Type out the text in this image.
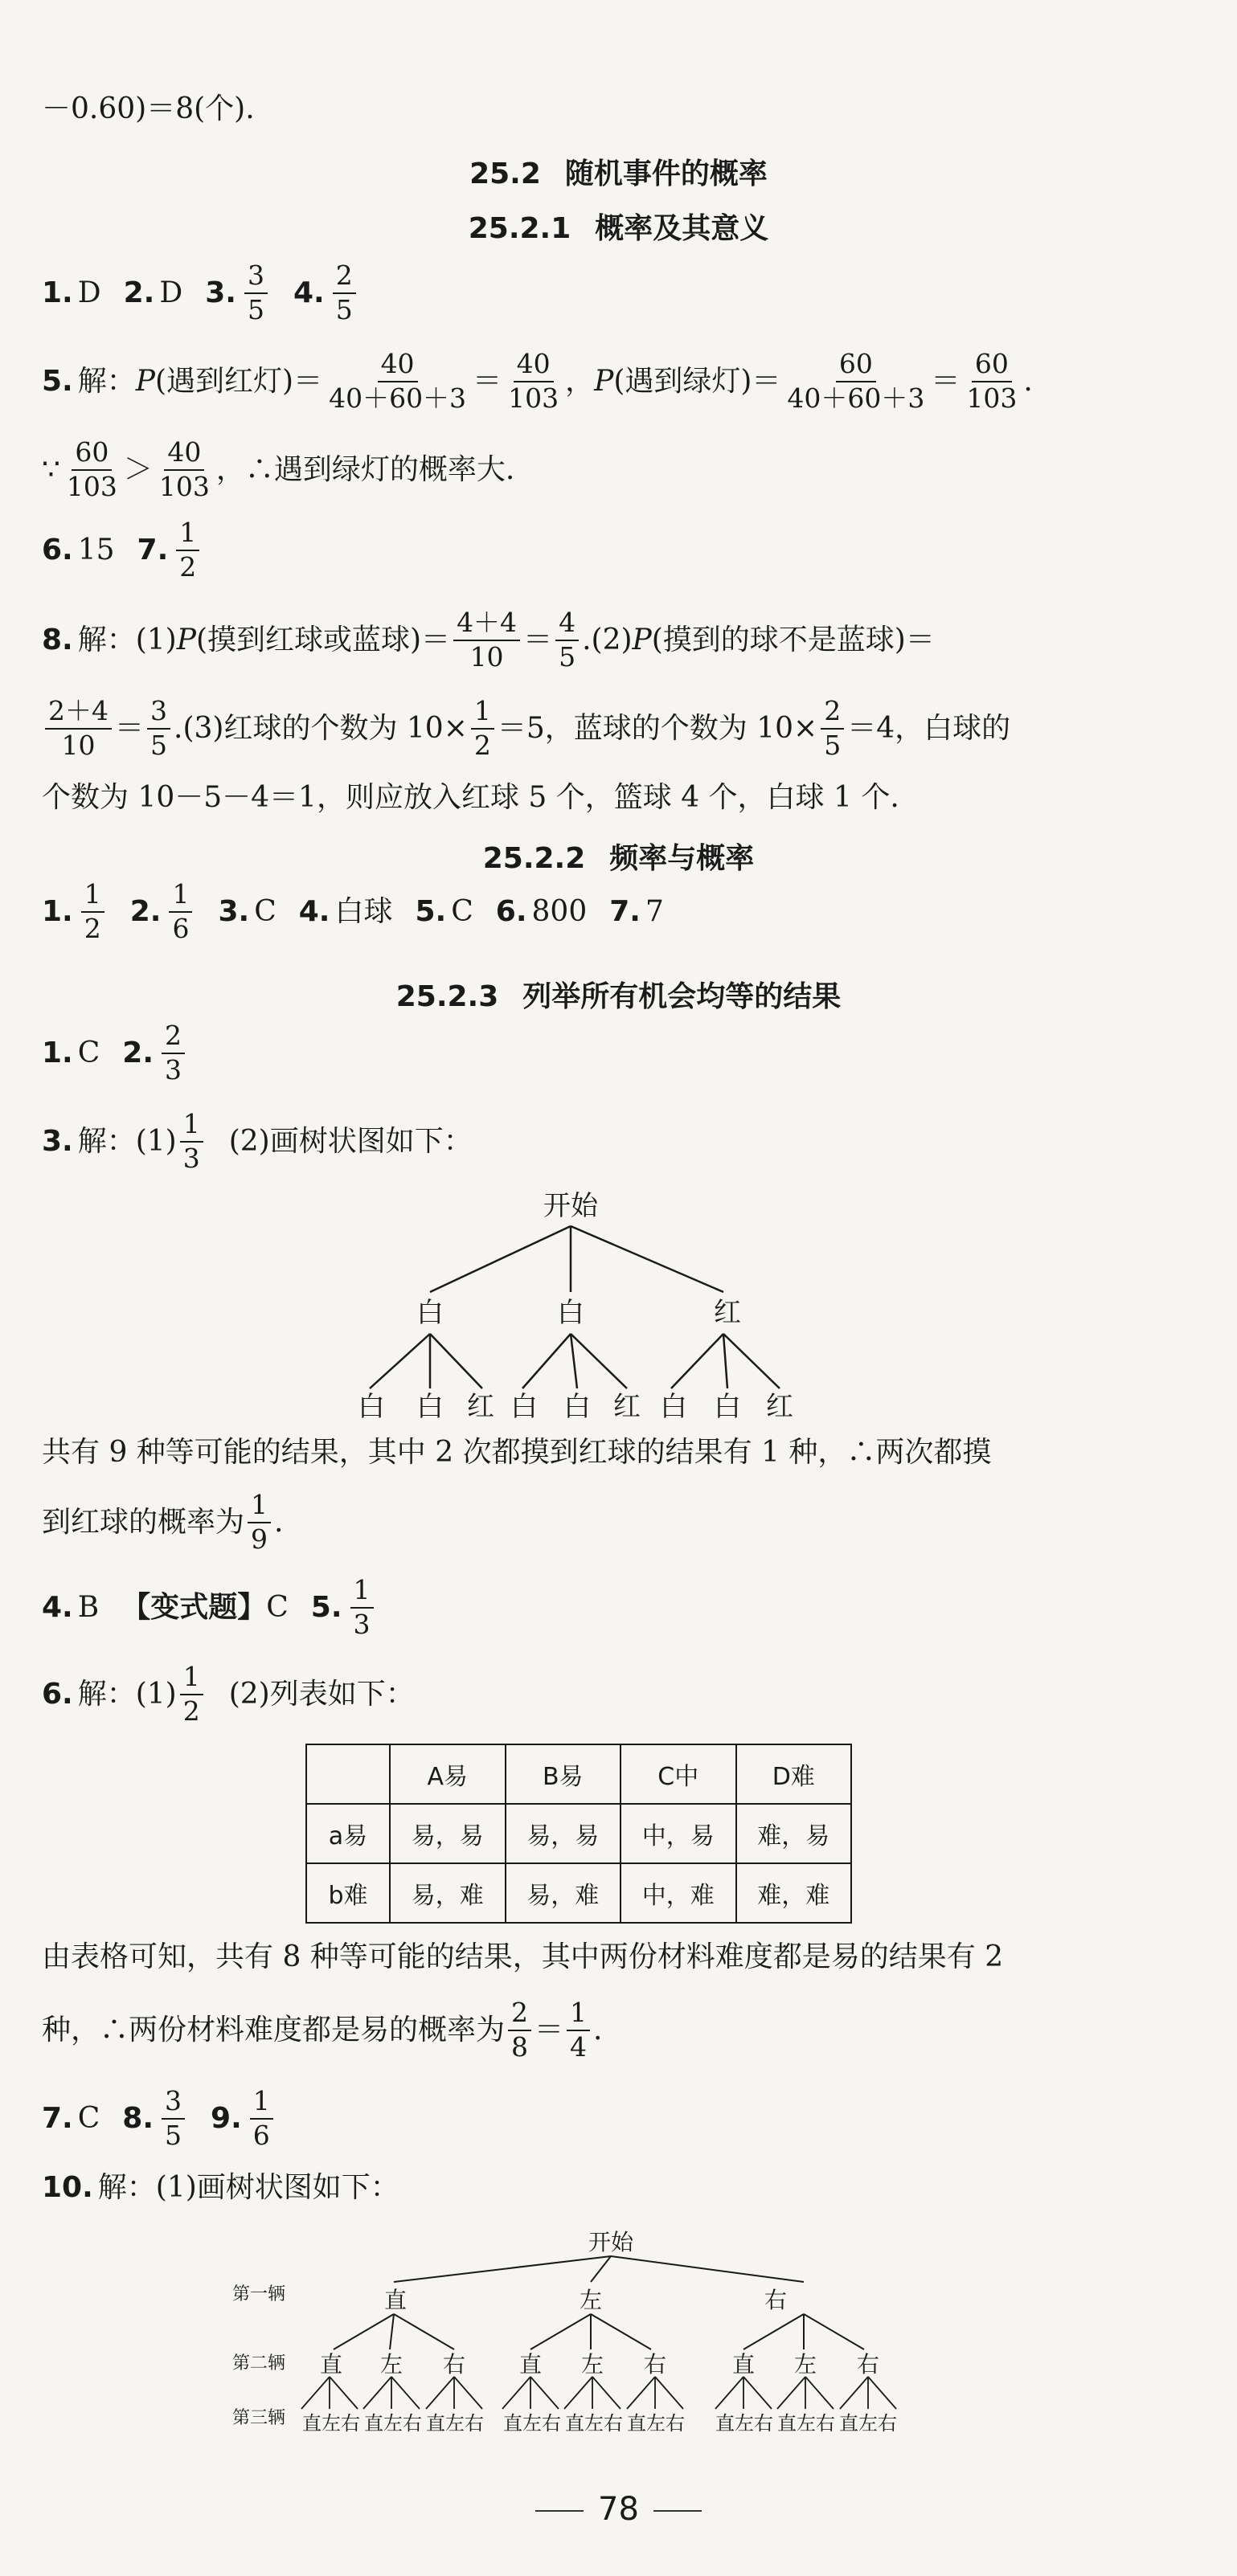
－0.60)＝8(个).
25.2 随机事件的概率
25.2.1 概率及其意义
1. D 2. D 3. $\frac{3}{5} 4$. $\frac{2}{5}$
5. 解： P (遇到红灯)＝ $\frac{40}{40+60+3} = \frac{40}{103}$ ， P (遇到绿灯)＝ $\frac{60}{40+60+3} = \frac{60}{103}$ .
∵ $\frac{60}{103} > \frac{40}{103}$ ，∴遇到绿灯的概率大.
6. 15 7. $\frac{1}{2}$
8. 解：(1) P (摸到红球或蓝球)＝ $\frac{4+4}{10} = \frac{4}{5} .(2)$ P (摸到的球不是蓝球)＝
$\frac{2+4}{10} = \frac{3}{5} .(3)$红球的个数为 $10\times \frac{1}{2} =5$，蓝球的个数为 $10\times \frac{2}{5} =4$，白球的
个数为 10－5－4＝1，则应放入红球 5 个，篮球 4 个，白球 1 个.
25.2.2 频率与概率
1. $\frac{1}{2} 2$. $\frac{1}{6} 3$. C 4. 白球 5. C 6. 800 7. 7
25.2.3 列举所有机会均等的结果
1. C 2. $\frac{2}{3}$
3. 解：$(1) \frac{1}{3} (2)$画树状图如下：
开始
白	白	红
白 白 红 白 白 红 白 白 红
共有 9 种等可能的结果，其中 2 次都摸到红球的结果有 1 种，∴两次都摸
到红球的概率为 $\frac{1}{9}$ .
4. B 【变式题】 C 5. $\frac{1}{3}$
6. 解：$(1) \frac{1}{2} (2)$列表如下：
	A易	B易	C中	D难
a易	易，易	易，易	中，易	难，易
b难	易，难	易，难	中，难	难，难
由表格可知，共有 8 种等可能的结果，其中两份材料难度都是易的结果有 2
种，∴两份材料难度都是易的概率为 $\frac{2}{8} = \frac{1}{4}$ .
7. C 8. $\frac{3}{5} 9$. $\frac{1}{6}$
10. 解：(1)画树状图如下：
开始
直	左	右
直 左 右 直 左 右	直 左 右
直左右 直左右 直左右 直左右 直左右 直左右 直左右 直左右 直左右
第一辆
第二辆
第三辆
78
